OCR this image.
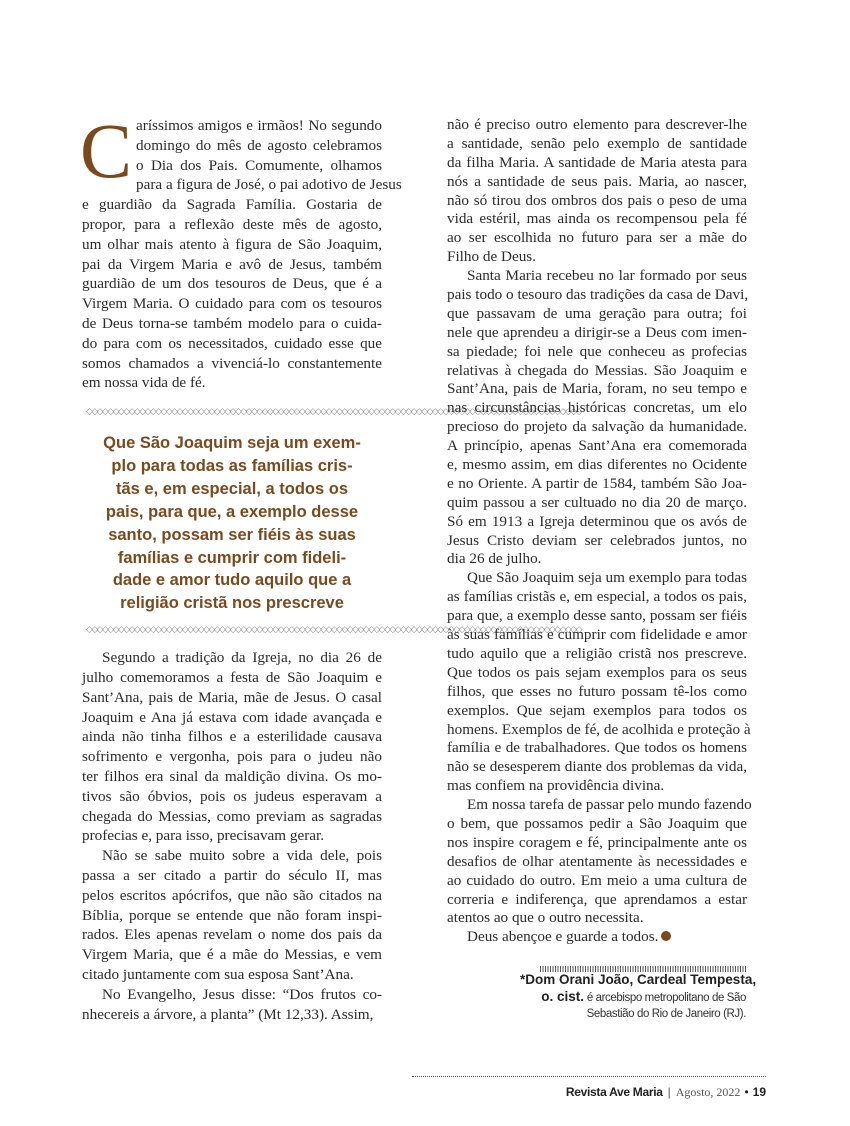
C aríssimos amigos e irmãos! No segundo
domingo do mês de agosto celebramos
o Dia dos Pais. Comumente, olhamos
para a figura de José, o pai adotivo de Jesus
e guardião da Sagrada Família. Gostaria de
propor, para a reflexão deste mês de agosto,
um olhar mais atento à figura de São Joaquim,
pai da Virgem Maria e avô de Jesus, também
guardião de um dos tesouros de Deus, que é a
Virgem Maria. O cuidado para com os tesouros
de Deus torna-se também modelo para o cuida-
do para com os necessitados, cuidado esse que
somos chamados a vivenciá-lo constantemente
em nossa vida de fé.
Segundo a tradição da Igreja, no dia 26 de
julho comemoramos a festa de São Joaquim e
Sant’Ana, pais de Maria, mãe de Jesus. O casal
Joaquim e Ana já estava com idade avançada e
ainda não tinha filhos e a esterilidade causava
sofrimento e vergonha, pois para o judeu não
ter filhos era sinal da maldição divina. Os mo-
tivos são óbvios, pois os judeus esperavam a
chegada do Messias, como previam as sagradas
profecias e, para isso, precisavam gerar.
Não se sabe muito sobre a vida dele, pois
passa a ser citado a partir do século II, mas
pelos escritos apócrifos, que não são citados na
Bíblia, porque se entende que não foram inspi-
rados. Eles apenas revelam o nome dos pais da
Virgem Maria, que é a mãe do Messias, e vem
citado juntamente com sua esposa Sant’Ana.
No Evangelho, Jesus disse: “Dos frutos co-
nhecereis a árvore, a planta” (Mt 12,33). Assim,
◇◇◇◇◇◇◇◇◇◇◇◇◇◇◇◇◇◇◇◇◇◇◇◇◇◇◇◇◇◇◇◇◇◇◇◇◇◇◇◇◇◇◇◇◇◇◇◇◇◇◇◇◇◇◇◇◇◇◇◇◇◇◇◇◇◇◇◇◇◇◇◇◇◇◇◇◇◇◇◇◇◇◇◇◇◇◇◇◇◇◇◇◇
Que São Joaquim seja um exem-
plo para todas as famílias cris-
tãs e, em especial, a todos os
pais, para que, a exemplo desse
santo, possam ser fiéis às suas
famílias e cumprir com fideli-
dade e amor tudo aquilo que a
religião cristã nos prescreve
◇◇◇◇◇◇◇◇◇◇◇◇◇◇◇◇◇◇◇◇◇◇◇◇◇◇◇◇◇◇◇◇◇◇◇◇◇◇◇◇◇◇◇◇◇◇◇◇◇◇◇◇◇◇◇◇◇◇◇◇◇◇◇◇◇◇◇◇◇◇◇◇◇◇◇◇◇◇◇◇◇◇◇◇◇◇◇◇◇◇◇◇◇
não é preciso outro elemento para descrever-lhe
a santidade, senão pelo exemplo de santidade
da filha Maria. A santidade de Maria atesta para
nós a santidade de seus pais. Maria, ao nascer,
não só tirou dos ombros dos pais o peso de uma
vida estéril, mas ainda os recompensou pela fé
ao ser escolhida no futuro para ser a mãe do
Filho de Deus.
Santa Maria recebeu no lar formado por seus
pais todo o tesouro das tradições da casa de Davi,
que passavam de uma geração para outra; foi
nele que aprendeu a dirigir-se a Deus com imen-
sa piedade; foi nele que conheceu as profecias
relativas à chegada do Messias. São Joaquim e
Sant’Ana, pais de Maria, foram, no seu tempo e
nas circunstâncias históricas concretas, um elo
precioso do projeto da salvação da humanidade.
A princípio, apenas Sant’Ana era comemorada
e, mesmo assim, em dias diferentes no Ocidente
e no Oriente. A partir de 1584, também São Joa-
quim passou a ser cultuado no dia 20 de março.
Só em 1913 a Igreja determinou que os avós de
Jesus Cristo deviam ser celebrados juntos, no
dia 26 de julho.
Que São Joaquim seja um exemplo para todas
as famílias cristãs e, em especial, a todos os pais,
para que, a exemplo desse santo, possam ser fiéis
às suas famílias e cumprir com fidelidade e amor
tudo aquilo que a religião cristã nos prescreve.
Que todos os pais sejam exemplos para os seus
filhos, que esses no futuro possam tê-los como
exemplos. Que sejam exemplos para todos os
homens. Exemplos de fé, de acolhida e proteção à
família e de trabalhadores. Que todos os homens
não se desesperem diante dos problemas da vida,
mas confiem na providência divina.
Em nossa tarefa de passar pelo mundo fazendo
o bem, que possamos pedir a São Joaquim que
nos inspire coragem e fé, principalmente ante os
desafios de olhar atentamente às necessidades e
ao cuidado do outro. Em meio a uma cultura de
correria e indiferença, que aprendamos a estar
atentos ao que o outro necessita.
Deus abençoe e guarde a todos.
*Dom Orani João, Cardeal Tempesta,
o. cist. é arcebispo metropolitano de São
Sebastião do Rio de Janeiro (RJ).
Revista Ave Maria | Agosto, 2022 • 19
